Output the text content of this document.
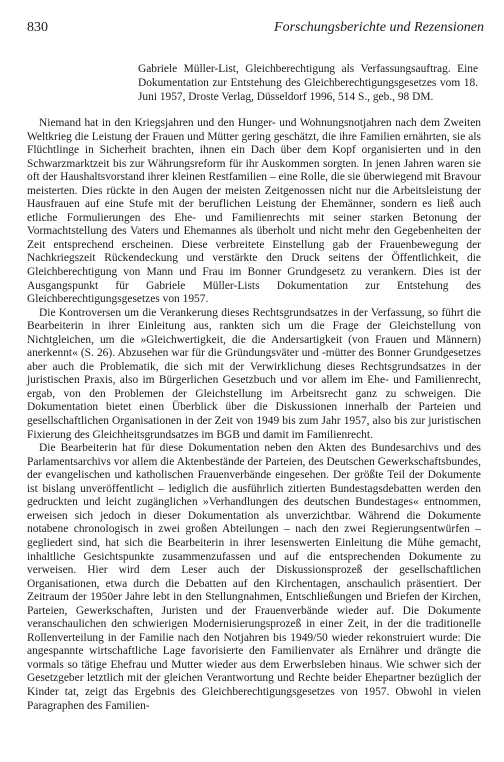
830	Forschungsberichte und Rezensionen
Gabriele Müller-List, Gleichberechtigung als Verfassungsauftrag. Eine Dokumentation zur Entstehung des Gleichberechtigungsgesetzes vom 18. Juni 1957, Droste Verlag, Düsseldorf 1996, 514 S., geb., 98 DM.

Niemand hat in den Kriegsjahren und den Hunger- und Wohnungsnotjahren nach dem Zweiten Weltkrieg die Leistung der Frauen und Mütter gering geschätzt, die ihre Familien ernährten, sie als Flüchtlinge in Sicherheit brachten, ihnen ein Dach über dem Kopf organisierten und in den Schwarzmarktzeit bis zur Währungsreform für ihr Auskommen sorgten. In jenen Jahren waren sie oft der Haushaltsvorstand ihrer kleinen Restfamilien – eine Rolle, die sie überwiegend mit Bravour meisterten. Dies rückte in den Augen der meisten Zeitgenossen nicht nur die Arbeitsleistung der Hausfrauen auf eine Stufe mit der beruflichen Leistung der Ehemänner, sondern es ließ auch etliche Formulierungen des Ehe- und Familienrechts mit seiner starken Betonung der Vormachtstellung des Vaters und Ehemannes als überholt und nicht mehr den Gegebenheiten der Zeit entsprechend erscheinen. Diese verbreitete Einstellung gab der Frauenbewegung der Nachkriegszeit Rückendeckung und verstärkte den Druck seitens der Öffentlichkeit, die Gleichberechtigung von Mann und Frau im Bonner Grundgesetz zu verankern. Dies ist der Ausgangspunkt für Gabriele Müller-Lists Dokumentation zur Entstehung des Gleichberechtigungsgesetzes von 1957.

Die Kontroversen um die Verankerung dieses Rechtsgrundsatzes in der Verfassung, so führt die Bearbeiterin in ihrer Einleitung aus, rankten sich um die Frage der Gleichstellung von Nichtgleichen, um die »Gleichwertigkeit, die die Andersartigkeit (von Frauen und Männern) anerkennt« (S. 26). Abzusehen war für die Gründungsväter und -mütter des Bonner Grundgesetzes aber auch die Problematik, die sich mit der Verwirklichung dieses Rechtsgrundsatzes in der juristischen Praxis, also im Bürgerlichen Gesetzbuch und vor allem im Ehe- und Familienrecht, ergab, von den Problemen der Gleichstellung im Arbeitsrecht ganz zu schweigen. Die Dokumentation bietet einen Überblick über die Diskussionen innerhalb der Parteien und gesellschaftlichen Organisationen in der Zeit von 1949 bis zum Jahr 1957, also bis zur juristischen Fixierung des Gleichheitsgrundsatzes im BGB und damit im Familienrecht.

Die Bearbeiterin hat für diese Dokumentation neben den Akten des Bundesarchivs und des Parlamentsarchivs vor allem die Aktenbestände der Parteien, des Deutschen Gewerkschaftsbundes, der evangelischen und katholischen Frauenverbände eingesehen. Der größte Teil der Dokumente ist bislang unveröffentlicht – lediglich die ausführlich zitierten Bundestagsdebatten werden den gedruckten und leicht zugänglichen »Verhandlungen des deutschen Bundestages« entnommen, erweisen sich jedoch in dieser Dokumentation als unverzichtbar. Während die Dokumente notabene chronologisch in zwei großen Abteilungen – nach den zwei Regierungsentwürfen – gegliedert sind, hat sich die Bearbeiterin in ihrer lesenswerten Einleitung die Mühe gemacht, inhaltliche Gesichtspunkte zusammenzufassen und auf die entsprechenden Dokumente zu verweisen. Hier wird dem Leser auch der Diskussionsprozeß der gesellschaftlichen Organisationen, etwa durch die Debatten auf den Kirchentagen, anschaulich präsentiert. Der Zeitraum der 1950er Jahre lebt in den Stellungnahmen, Entschließungen und Briefen der Kirchen, Parteien, Gewerkschaften, Juristen und der Frauenverbände wieder auf. Die Dokumente veranschaulichen den schwierigen Modernisierungsprozeß in einer Zeit, in der die traditionelle Rollenverteilung in der Familie nach den Notjahren bis 1949/50 wieder rekonstruiert wurde: Die angespannte wirtschaftliche Lage favorisierte den Familienvater als Ernährer und drängte die vormals so tätige Ehefrau und Mutter wieder aus dem Erwerbsleben hinaus. Wie schwer sich der Gesetzgeber letztlich mit der gleichen Verantwortung und Rechte beider Ehepartner bezüglich der Kinder tat, zeigt das Ergebnis des Gleichberechtigungsgesetzes von 1957. Obwohl in vielen Paragraphen des Familien-
